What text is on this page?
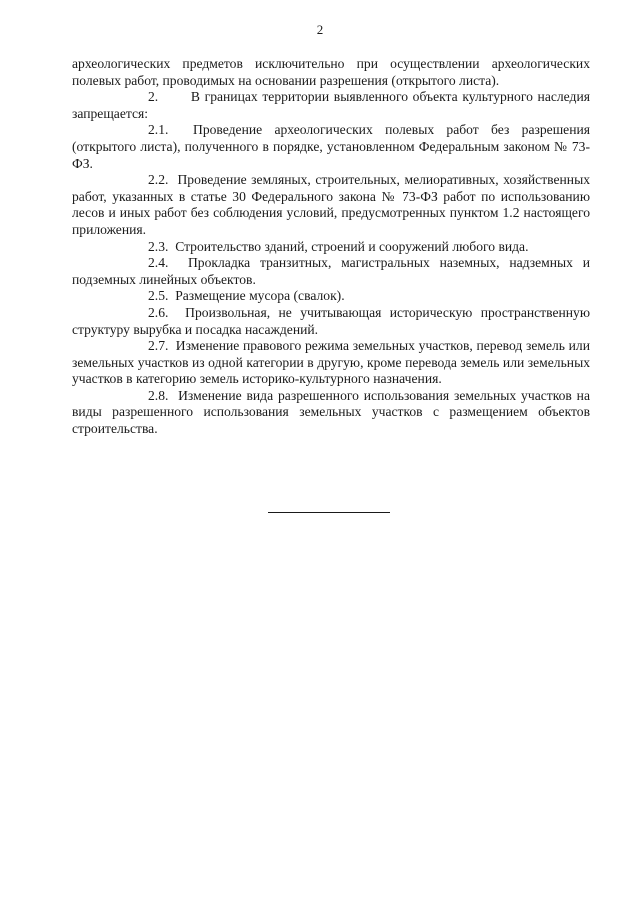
2

археологических предметов исключительно при осуществлении археологических полевых работ, проводимых на основании разрешения (открытого листа).

2. В границах территории выявленного объекта культурного наследия запрещается:

2.1. Проведение археологических полевых работ без разрешения (открытого листа), полученного в порядке, установленном Федеральным законом № 73-ФЗ.

2.2. Проведение земляных, строительных, мелиоративных, хозяйственных работ, указанных в статье 30 Федерального закона № 73-ФЗ работ по использованию лесов и иных работ без соблюдения условий, предусмотренных пунктом 1.2 настоящего приложения.

2.3. Строительство зданий, строений и сооружений любого вида.

2.4. Прокладка транзитных, магистральных наземных, надземных и подземных линейных объектов.

2.5. Размещение мусора (свалок).

2.6. Произвольная, не учитывающая историческую пространственную структуру вырубка и посадка насаждений.

2.7. Изменение правового режима земельных участков, перевод земель или земельных участков из одной категории в другую, кроме перевода земель или земельных участков в категорию земель историко-культурного назначения.

2.8. Изменение вида разрешенного использования земельных участков на виды разрешенного использования земельных участков с размещением объектов строительства.
